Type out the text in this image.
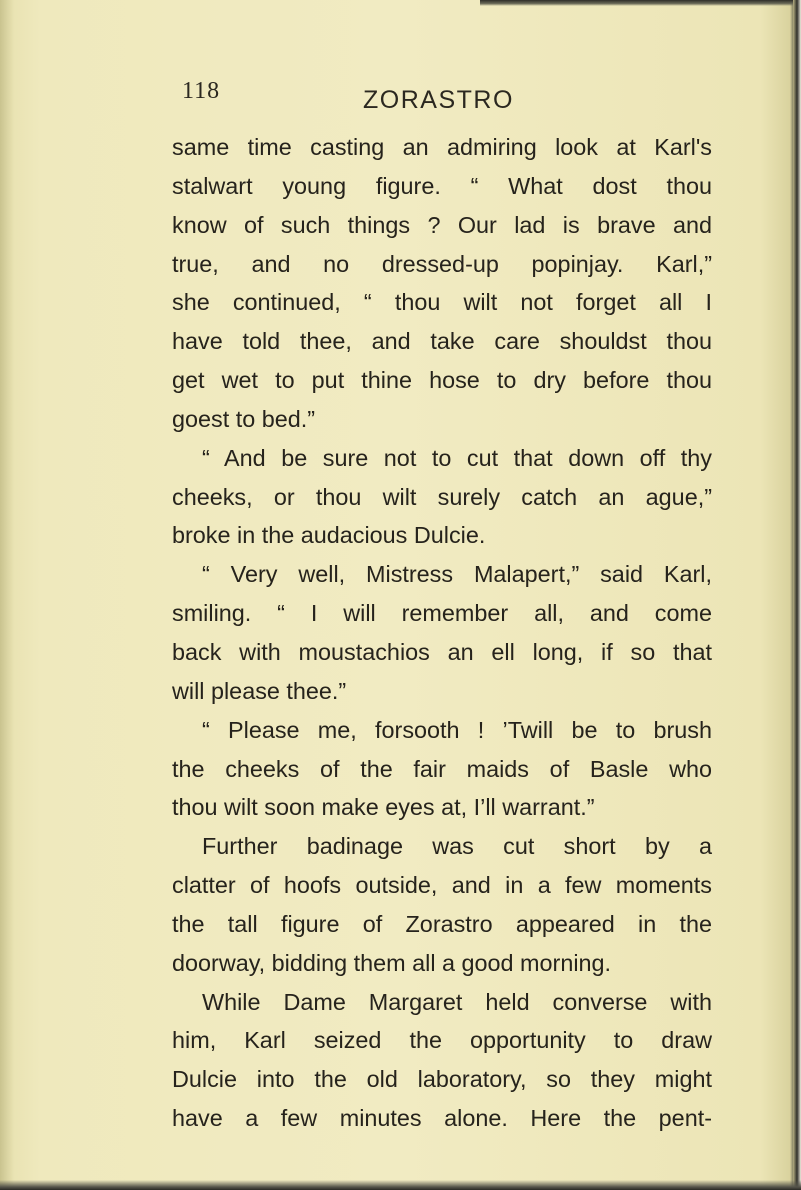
118	ZORASTRO
same time casting an admiring look at Karl's
stalwart young figure. “ What dost thou
know of such things ? Our lad is brave and
true, and no dressed-up popinjay. Karl,”
she continued, “ thou wilt not forget all I
have told thee, and take care shouldst thou
get wet to put thine hose to dry before thou
goest to bed.”
“ And be sure not to cut that down off thy
cheeks, or thou wilt surely catch an ague,”
broke in the audacious Dulcie.
“ Very well, Mistress Malapert,” said Karl,
smiling. “ I will remember all, and come
back with moustachios an ell long, if so that
will please thee.”
“ Please me, forsooth ! ’Twill be to brush
the cheeks of the fair maids of Basle who
thou wilt soon make eyes at, I’ll warrant.”
Further badinage was cut short by a
clatter of hoofs outside, and in a few moments
the tall figure of Zorastro appeared in the
doorway, bidding them all a good morning.
While Dame Margaret held converse with
him, Karl seized the opportunity to draw
Dulcie into the old laboratory, so they might
have a few minutes alone. Here the pent-
